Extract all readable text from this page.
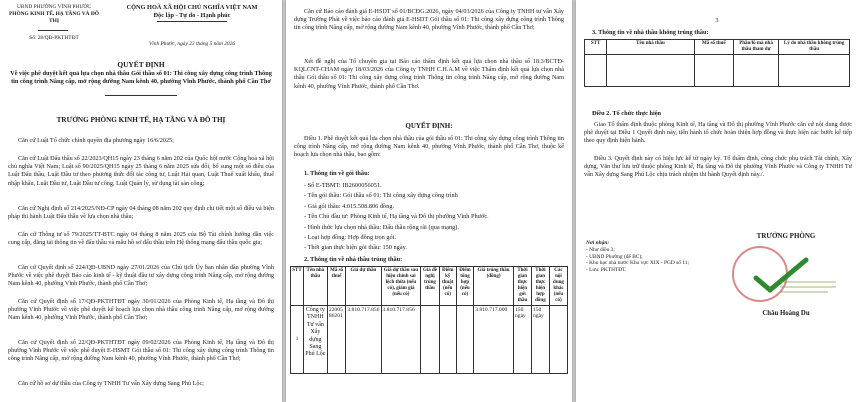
UBND PHƯỜNG VĨNH PHƯỚC
PHÒNG KINH TẾ, HẠ TẦNG VÀ ĐÔ THỊ
Số: 28/QĐ-PKTHTĐT
CỘNG HOÀ XÃ HỘI CHỦ NGHĨA VIỆT NAM
Độc lập - Tự do - Hạnh phúc
Vĩnh Phước, ngày 23 tháng 5 năm 2026
QUYẾT ĐỊNH
Về việc phê duyệt kết quả lựa chọn nhà thầu Gói thầu số 01: Thi công xây dựng công trình Thông tin công trình Nâng cấp, mở rộng đường Nam kênh 40, phường Vĩnh Phước, thành phố Cần Thơ
TRƯỞNG PHÒNG KINH TẾ, HẠ TẦNG VÀ ĐÔ THỊ
Căn cứ Luật Tổ chức chính quyền địa phương ngày 16/6/2025;
Căn cứ Luật Đấu thầu số 22/2023/QH15 ngày 23 tháng 6 năm 202 của Quốc hội nước Cộng hoà xã hội chủ nghĩa Việt Nam; Luật số 90/2025/QH15 ngày 25 tháng 6 năm 2025 sửa đổi, bổ sung một số điều của Luật Đấu thầu, Luật Đầu tư theo phương thức đối tác công tư, Luật Hải quan, Luật Thuế xuất khẩu, thuế nhập khẩu, Luật Đầu tư, Luật Đầu tư công, Luật Quản lý, sử dụng tài sản công;
Căn cứ Nghị định số 214/2025/NĐ-CP ngày 04 tháng 08 năm 202 quy định chi tiết một số điều và biện pháp thi hành Luật Đấu thầu về lựa chọn nhà thầu;
Căn cứ Thông tư số 79/2025/TT-BTC ngày 04 tháng 8 năm 2025 của Bộ Tài chính hướng dẫn việc cung cấp, đăng tải thông tin về đấu thầu và mẫu hồ sơ đấu thầu trên Hệ thống mạng đấu thầu quốc gia;
Căn cứ Quyết định số 224/QĐ-UBND ngày 27/01/2026 của Chủ tịch Ủy ban nhân dân phường Vĩnh Phước về việc phê duyệt Báo cáo kinh tế - kỹ thuật đầu tư xây dựng công trình Nâng cấp, mở rộng đường Nam kênh 40, phường Vĩnh Phước, thành phố Cần Thơ;
Căn cứ Quyết định số 17/QĐ-PKTHTĐT ngày 30/01/2026 của Phòng Kinh tế, Hạ tầng và Đô thị phường Vĩnh Phước về việc phê duyệt kế hoạch lựa chọn nhà thầu công trình Nâng cấp, mở rộng đường Nam kênh 40, phường Vĩnh Phước, thành phố Cần Thơ;
Căn cứ Quyết định số 22/QĐ-PKTHTĐT ngày 09/02/2026 của Phòng Kinh tế, Hạ tầng và Đô thị phường Vĩnh Phước về việc phê duyệt E-HSMT Gói thầu số 01: Thi công xây dựng công trình Thông tin công trình Nâng cấp, mở rộng đường Nam kênh 40, phường Vĩnh Phước, thành phố Cần Thơ;
Căn cứ hồ sơ dự thầu của Công ty TNHH Tư vấn Xây dựng Sang Phú Lộc;
Căn cứ Báo cáo đánh giá E-HSDT số 01/BCĐG.2026, ngày 04/03/2026 của Công ty TNHH tư vấn Xây dựng Trường Phát về việc báo cáo đánh giá E-HSDT Gói thầu số 01: Thi công xây dựng công trình Thông tin công trình Nâng cấp, mở rộng đường Nam kênh 40, phường Vĩnh Phước, thành phố Cần Thơ;
Xét đề nghị của Tổ chuyên gia tại Báo cáo thẩm định kết quả lựa chọn nhà thầu số 18.3/BCTĐ-KQLCNT-CHAM ngày 18/03/2026 của Công ty TNHH C.H.A.M về việc Thẩm định kết quả lựa chọn nhà thầu Gói thầu số 01: Thi công xây dựng công trình Thông tin công trình Nâng cấp, mở rộng đường Nam kênh 40, phường Vĩnh Phước, thành phố Cần Thơ.
QUYẾT ĐỊNH:
Điều 1. Phê duyệt kết quả lựa chọn nhà thầu của gói thầu số 01: Thi công xây dựng công trình Thông tin công trình Nâng cấp, mở rộng đường Nam kênh 40, phường Vĩnh Phước, thành phố Cần Thơ, thuộc kế hoạch lựa chọn nhà thầu, bao gồm:
1. Thông tin về gói thầu:
- Số E-TBMT: IB2600056051.
- Tên gói thầu: Gói thầu số 01: Thi công xây dựng công trình
- Giá gói thầu: 4.015.508.806 đồng.
- Tên Chủ đầu tư: Phòng Kinh tế, Hạ tầng và Đô thị phường Vĩnh Phước.
- Hình thức lựa chọn nhà thầu: Đấu thầu rộng rãi (qua mạng).
- Loại hợp đồng: Hợp đồng trọn gói.
- Thời gian thực hiện gói thầu: 150 ngày.
2. Thông tin về nhà thầu trúng thầu:
STT	Tên nhà thầu	Mã số thuế	Giá dự thầu	Giá dự thầu sau hiệu chỉnh sai lệch thừa (nếu có), giảm giá (nếu có)	Giá đề nghị trúng thầu	Điểm kỹ thuật (nếu có)	Điểm tổng hợp (nếu có)	Giá trúng thầu (đồng)	Thời gian thực hiện gói thầu	Thời gian thực hiện hợp đồng	Các nội dung khác (nếu có)
1	Công ty TNHH Tư vấn Xây dựng Sang Phú Lộc	2200586201	3.810.717.856	3.810.717.856				3.810.717.000	150 ngày	150 ngày	
3
3. Thông tin về nhà thầu không trúng thầu:
STT	Tên nhà thầu	Mã số thuế	Phần/lô mà nhà thầu tham dự	Lý do nhà thầu không trúng thầu

Điều 2. Tổ chức thực hiện
Giao Tổ thẩm định thuộc phòng Kinh tế, Hạ tầng và Đô thị phường Vĩnh Phước căn cứ nội dung được phê duyệt tại Điều 1 Quyết định này, tiến hành tổ chức hoàn thiện hợp đồng và thực hiện các bước kế tiếp theo quy định hiện hành.
Điều 3. Quyết định này có hiệu lực kể từ ngày ký. Tổ thẩm định, công chức phụ trách Tài chính, Xây dựng, Văn thư lưu trữ thuộc phòng Kinh tế, Hạ tầng và Đô thị phường Vĩnh Phước và Công ty TNHH Tư vấn Xây dựng Sang Phú Lộc chịu trách nhiệm thi hành Quyết định này./.
Nơi nhận:
- Như điều 3;
- UBND Phường (để BC);
- Khu bạc nhà nước Khu vực XIX - PGD số 11;
- Lưu: PKTHTĐT.
TRƯỞNG PHÒNG
Châu Hoàng Du
